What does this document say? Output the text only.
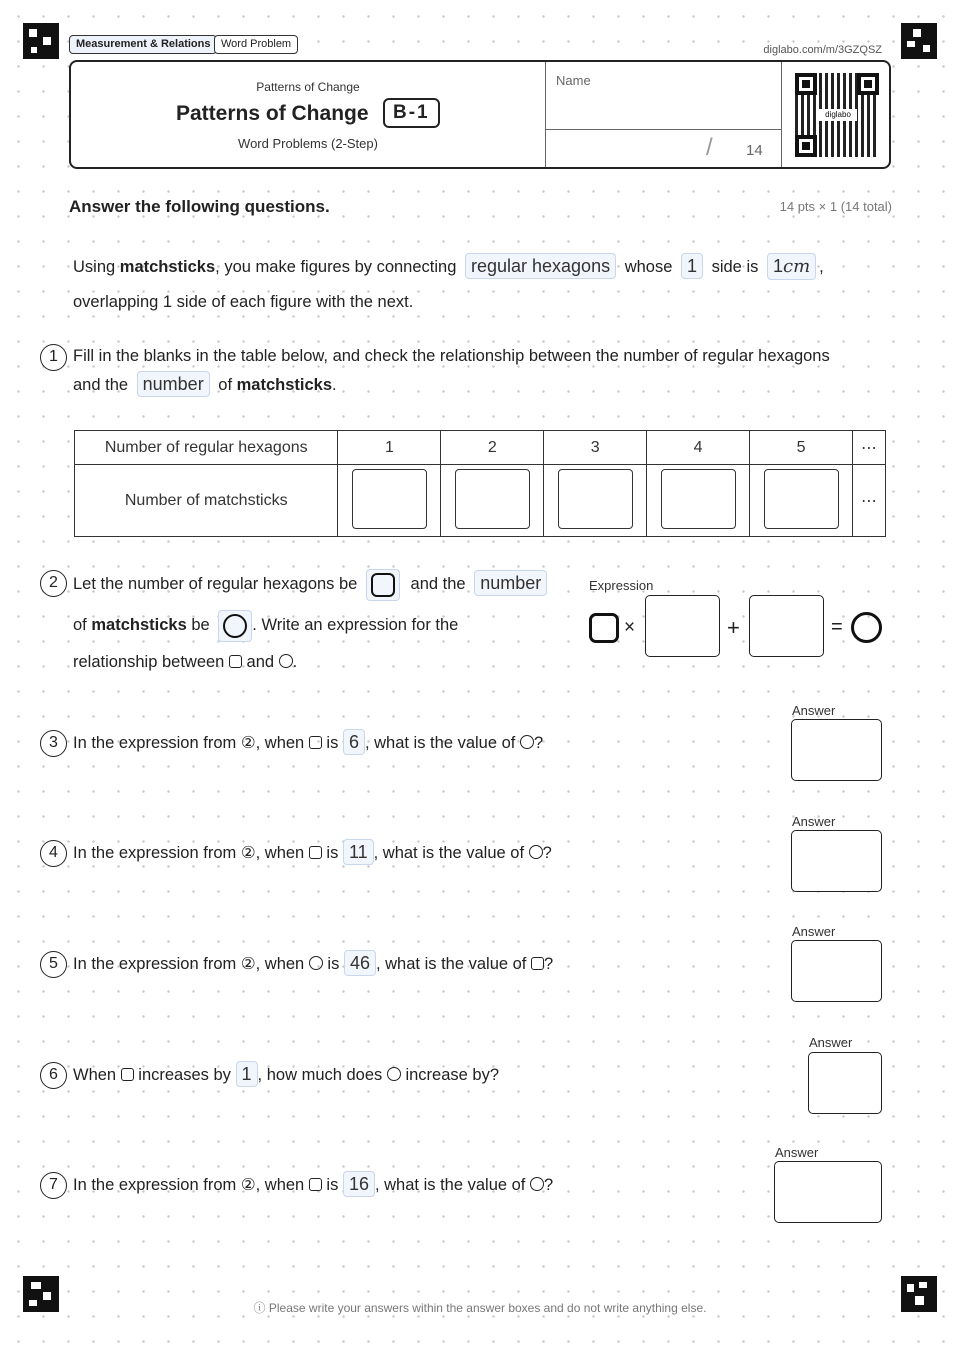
Measurement & Relations Word Problem	diglabo.com/m/3GZQSZ
Patterns of Change
Patterns of Change	B-1
Word Problems (2-Step)
Name
/ 14
diglabo
Answer the following questions.	14 pts × 1 (14 total)
Using matchsticks, you make figures by connecting regular hexagons whose 1 side is 1cm ,
overlapping 1 side of each figure with the next.
1 Fill in the blanks in the table below, and check the relationship between the number of regular hexagons
and the number of matchsticks.
Number of regular hexagons	1	2	3	4	5	⋯
Number of matchsticks						⋯
2 Let the number of regular hexagons be	and the number
of matchsticks be	. Write an expression for the
relationship between and .
Expression
×	+	=
3 In the expression from ②, when is 6 , what is the value of ?
Answer
4 In the expression from ②, when is 11 , what is the value of ?
Answer
5 In the expression from ②, when is 46 , what is the value of ?
Answer
6 When increases by 1 , how much does increase by?
Answer
7 In the expression from ②, when is 16 , what is the value of ?
Answer
ⓘ Please write your answers within the answer boxes and do not write anything else.
